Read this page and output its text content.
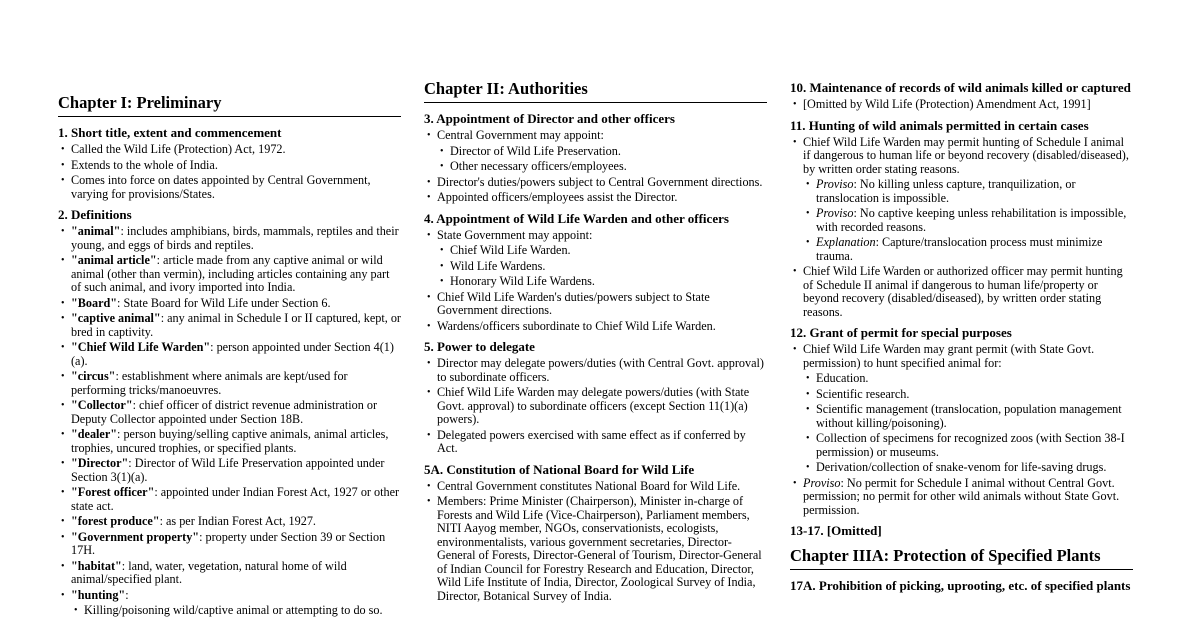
Chapter I: Preliminary
1. Short title, extent and commencement
• Called the Wild Life (Protection) Act, 1972.
• Extends to the whole of India.
• Comes into force on dates appointed by Central Government, varying for provisions/States.
2. Definitions
• "animal": includes amphibians, birds, mammals, reptiles and their young, and eggs of birds and reptiles.
• "animal article": article made from any captive animal or wild animal (other than vermin), including articles containing any part of such animal, and ivory imported into India.
• "Board": State Board for Wild Life under Section 6.
• "captive animal": any animal in Schedule I or II captured, kept, or bred in captivity.
• "Chief Wild Life Warden": person appointed under Section 4(1)(a).
• "circus": establishment where animals are kept/used for performing tricks/manoeuvres.
• "Collector": chief officer of district revenue administration or Deputy Collector appointed under Section 18B.
• "dealer": person buying/selling captive animals, animal articles, trophies, uncured trophies, or specified plants.
• "Director": Director of Wild Life Preservation appointed under Section 3(1)(a).
• "Forest officer": appointed under Indian Forest Act, 1927 or other state act.
• "forest produce": as per Indian Forest Act, 1927.
• "Government property": property under Section 39 or Section 17H.
• "habitat": land, water, vegetation, natural home of wild animal/specified plant.
• "hunting":
• Killing/poisoning wild/captive animal or attempting to do so.
Chapter II: Authorities
3. Appointment of Director and other officers
• Central Government may appoint:
• Director of Wild Life Preservation.
• Other necessary officers/employees.
• Director's duties/powers subject to Central Government directions.
• Appointed officers/employees assist the Director.
4. Appointment of Wild Life Warden and other officers
• State Government may appoint:
• Chief Wild Life Warden.
• Wild Life Wardens.
• Honorary Wild Life Wardens.
• Chief Wild Life Warden's duties/powers subject to State Government directions.
• Wardens/officers subordinate to Chief Wild Life Warden.
5. Power to delegate
• Director may delegate powers/duties (with Central Govt. approval) to subordinate officers.
• Chief Wild Life Warden may delegate powers/duties (with State Govt. approval) to subordinate officers (except Section 11(1)(a) powers).
• Delegated powers exercised with same effect as if conferred by Act.
5A. Constitution of National Board for Wild Life
• Central Government constitutes National Board for Wild Life.
• Members: Prime Minister (Chairperson), Minister in-charge of Forests and Wild Life (Vice-Chairperson), Parliament members, NITI Aayog member, NGOs, conservationists, ecologists, environmentalists, various government secretaries, Director-General of Forests, Director-General of Tourism, Director-General of Indian Council for Forestry Research and Education, Director, Wild Life Institute of India, Director, Zoological Survey of India, Director, Botanical Survey of India.
10. Maintenance of records of wild animals killed or captured
• [Omitted by Wild Life (Protection) Amendment Act, 1991]
11. Hunting of wild animals permitted in certain cases
• Chief Wild Life Warden may permit hunting of Schedule I animal if dangerous to human life or beyond recovery (disabled/diseased), by written order stating reasons.
• Proviso: No killing unless capture, tranquilization, or translocation is impossible.
• Proviso: No captive keeping unless rehabilitation is impossible, with recorded reasons.
• Explanation: Capture/translocation process must minimize trauma.
• Chief Wild Life Warden or authorized officer may permit hunting of Schedule II animal if dangerous to human life/property or beyond recovery (disabled/diseased), by written order stating reasons.
12. Grant of permit for special purposes
• Chief Wild Life Warden may grant permit (with State Govt. permission) to hunt specified animal for:
• Education.
• Scientific research.
• Scientific management (translocation, population management without killing/poisoning).
• Collection of specimens for recognized zoos (with Section 38-I permission) or museums.
• Derivation/collection of snake-venom for life-saving drugs.
• Proviso: No permit for Schedule I animal without Central Govt. permission; no permit for other wild animals without State Govt. permission.
13-17. [Omitted]
Chapter IIIA: Protection of Specified Plants
17A. Prohibition of picking, uprooting, etc. of specified plants
